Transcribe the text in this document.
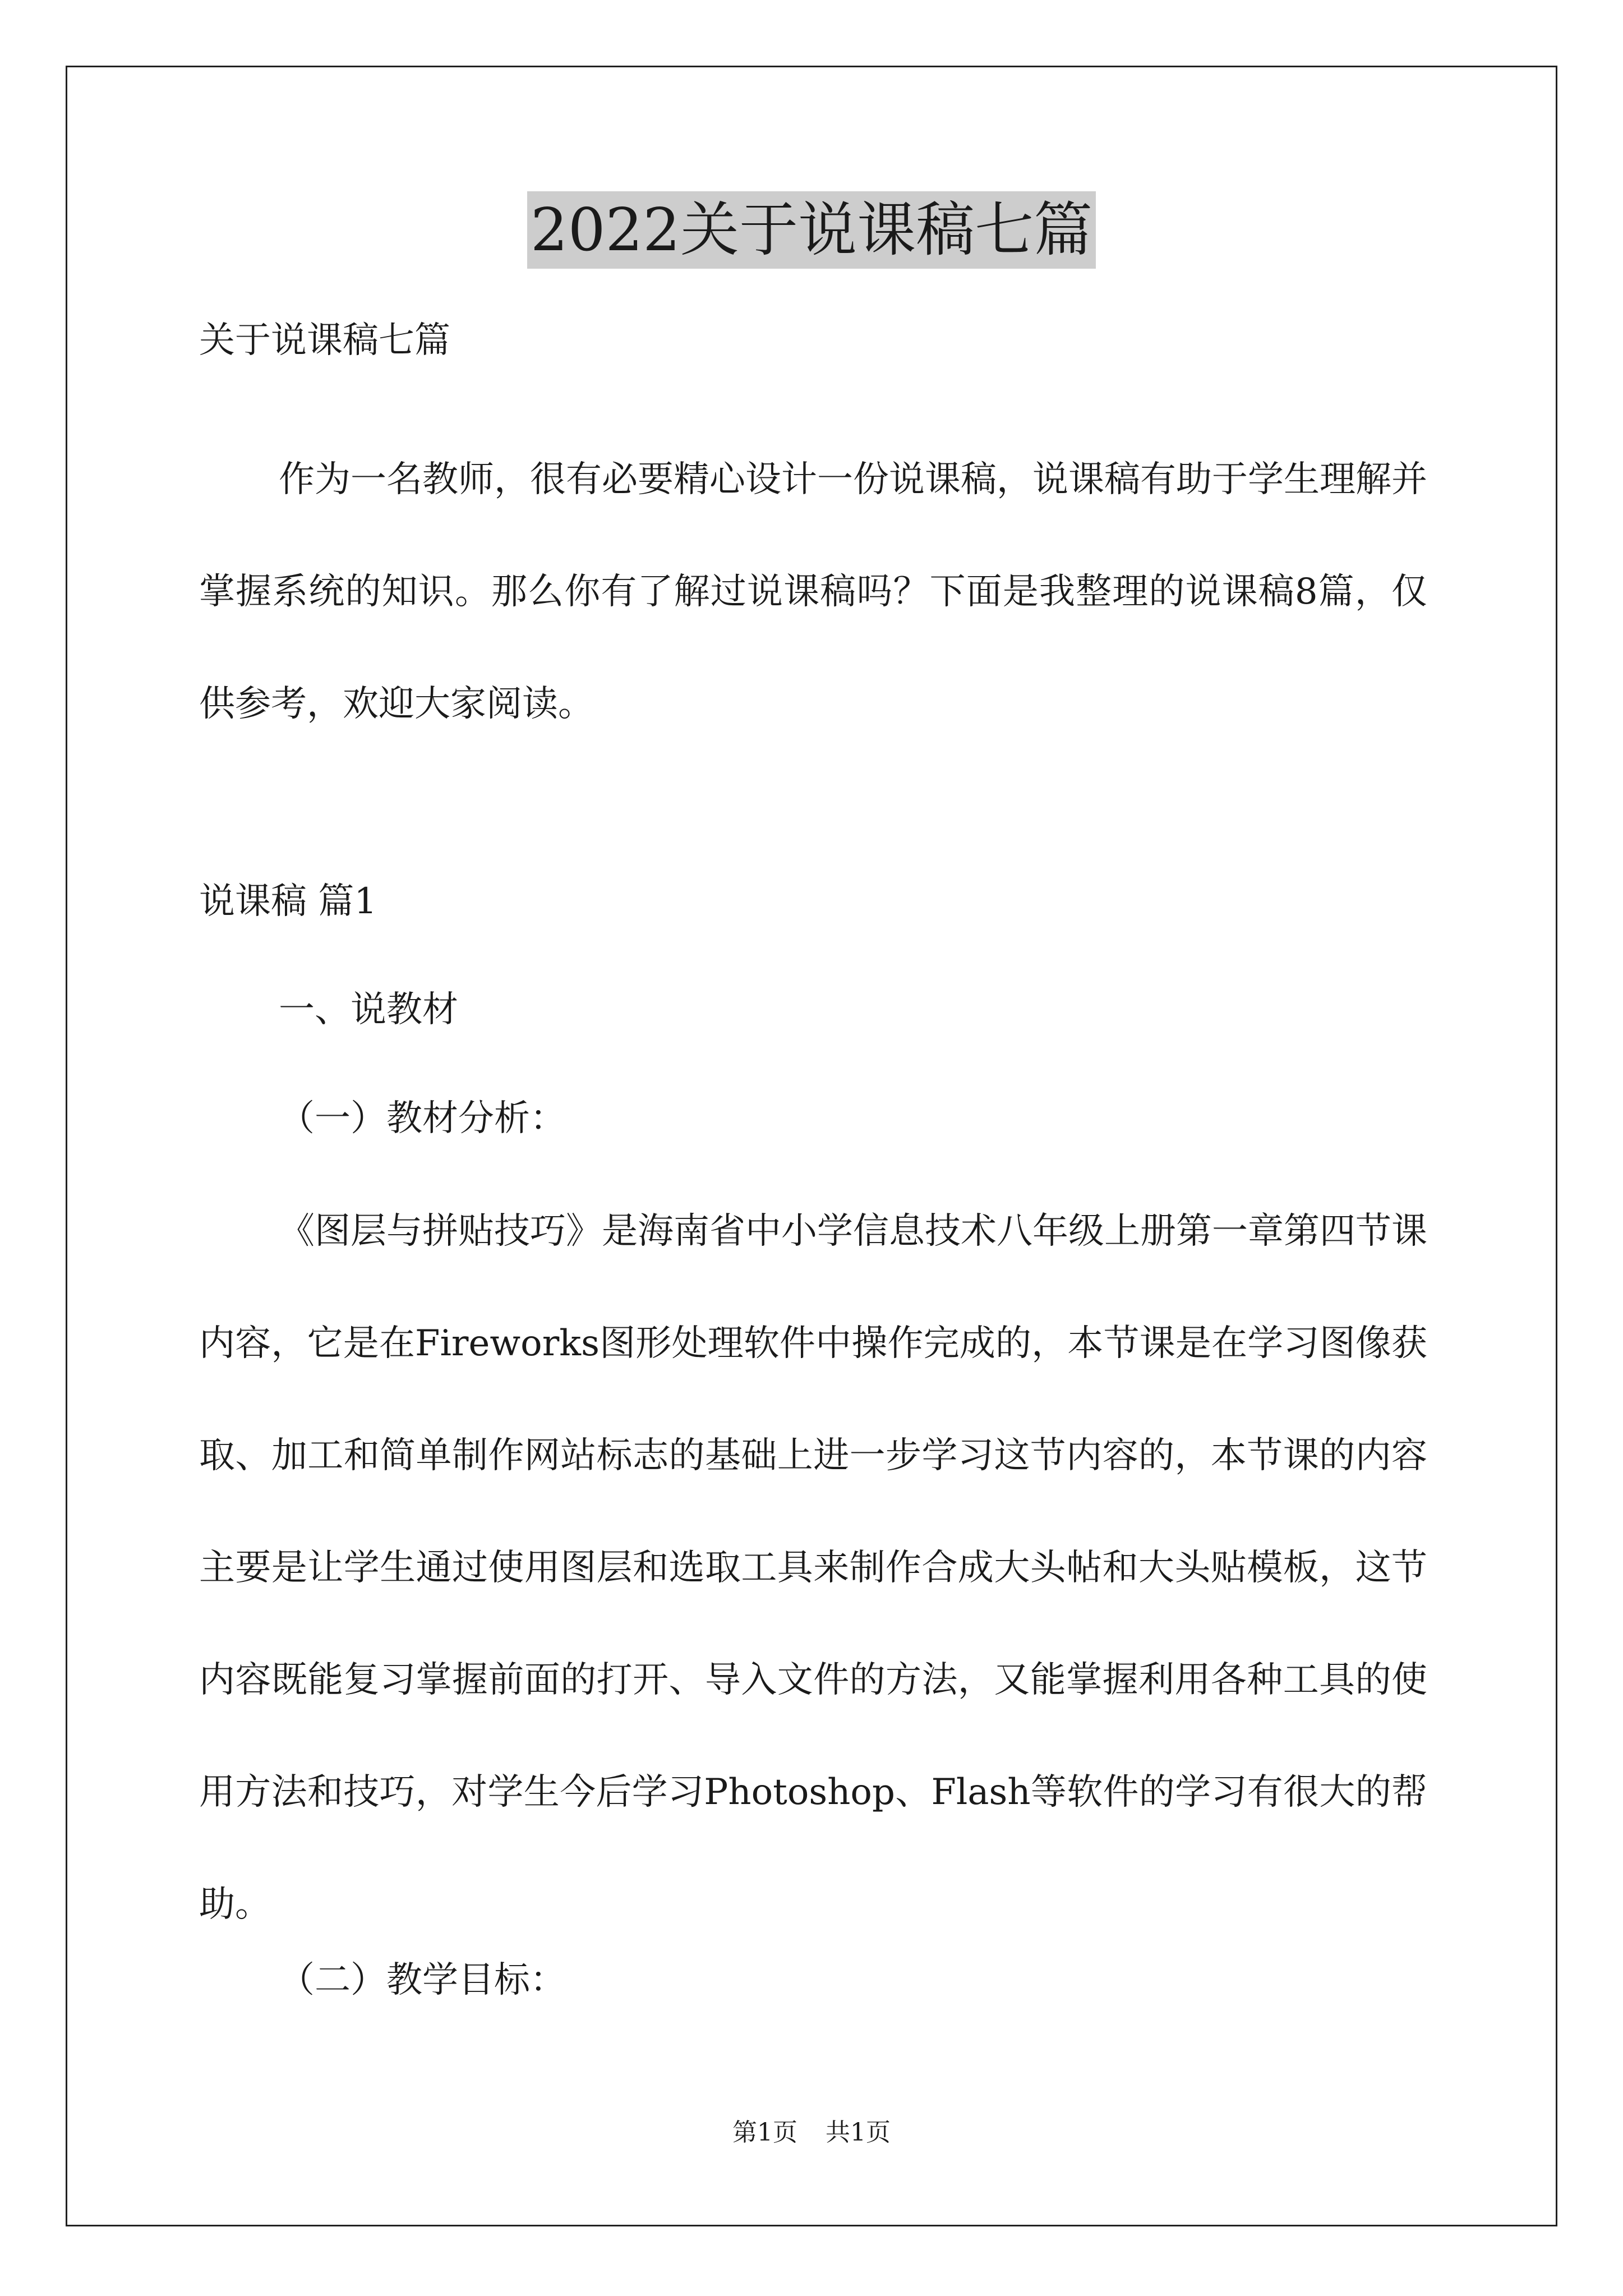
2022关于说课稿七篇
关于说课稿七篇
作为一名教师，很有必要精心设计一份说课稿，说课稿有助于学生理解并掌握系统的知识。那么你有了解过说课稿吗？下面是我整理的说课稿8篇，仅供参考，欢迎大家阅读。
说课稿 篇1
一、说教材
（一）教材分析：
《图层与拼贴技巧》是海南省中小学信息技术八年级上册第一章第四节课内容，它是在Fireworks图形处理软件中操作完成的，本节课是在学习图像获取、加工和简单制作网站标志的基础上进一步学习这节内容的，本节课的内容主要是让学生通过使用图层和选取工具来制作合成大头帖和大头贴模板，这节内容既能复习掌握前面的打开、导入文件的方法，又能掌握利用各种工具的使用方法和技巧，对学生今后学习Photoshop、Flash等软件的学习有很大的帮助。
（二）教学目标：
第1页 共1页
